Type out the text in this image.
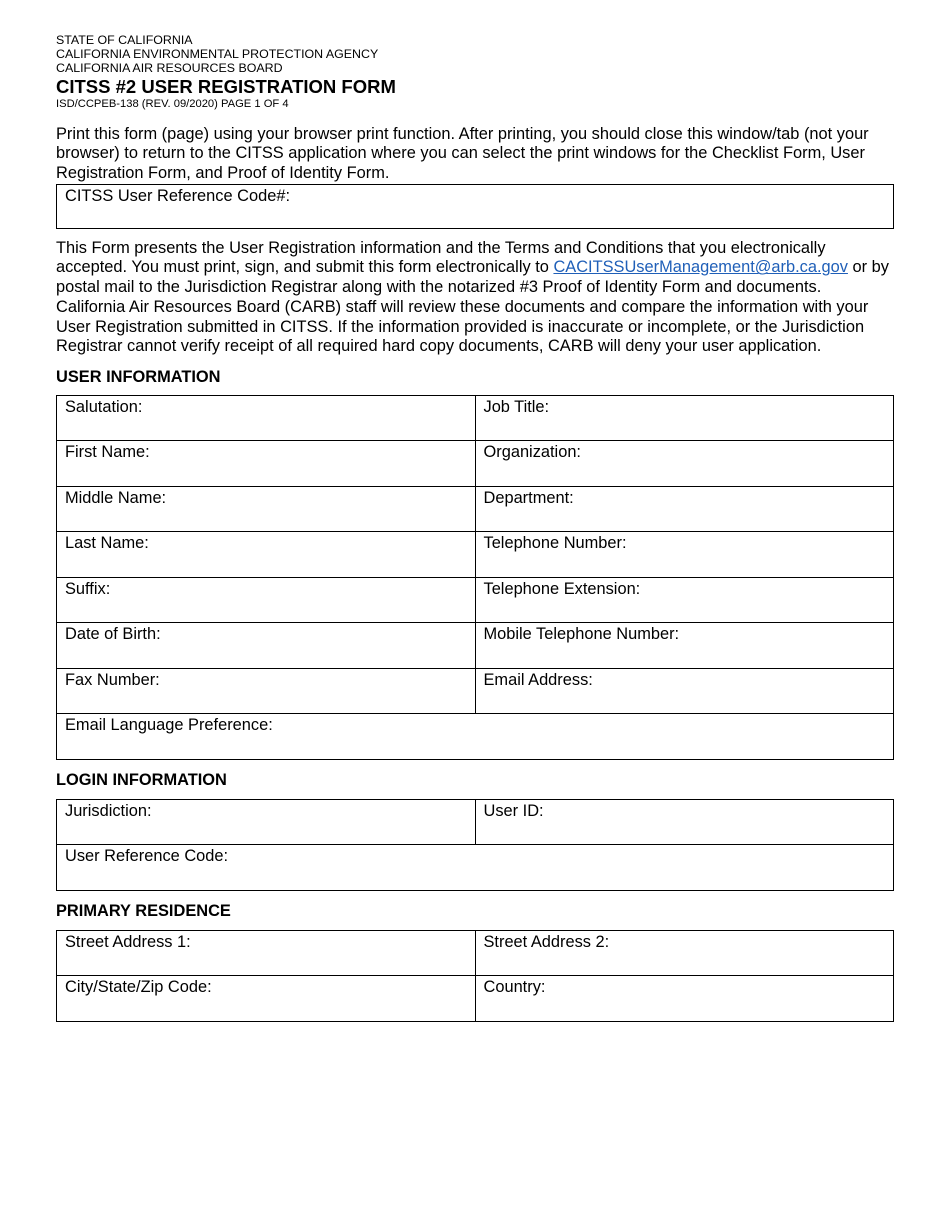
STATE OF CALIFORNIA
CALIFORNIA ENVIRONMENTAL PROTECTION AGENCY
CALIFORNIA AIR RESOURCES BOARD
CITSS #2 USER REGISTRATION FORM
ISD/CCPEB-138 (REV. 09/2020) PAGE 1 OF 4

Print this form (page) using your browser print function. After printing, you should close this window/tab (not your browser) to return to the CITSS application where you can select the print windows for the Checklist Form, User Registration Form, and Proof of Identity Form.

CITSS User Reference Code#:

This Form presents the User Registration information and the Terms and Conditions that you electronically accepted. You must print, sign, and submit this form electronically to CACITSSUserManagement@arb.ca.gov or by postal mail to the Jurisdiction Registrar along with the notarized #3 Proof of Identity Form and documents. California Air Resources Board (CARB) staff will review these documents and compare the information with your User Registration submitted in CITSS. If the information provided is inaccurate or incomplete, or the Jurisdiction Registrar cannot verify receipt of all required hard copy documents, CARB will deny your user application.

USER INFORMATION
Salutation:	Job Title:
First Name:	Organization:
Middle Name:	Department:
Last Name:	Telephone Number:
Suffix:	Telephone Extension:
Date of Birth:	Mobile Telephone Number:
Fax Number:	Email Address:
Email Language Preference:	
LOGIN INFORMATION
Jurisdiction:	User ID:
User Reference Code:
PRIMARY RESIDENCE
Street Address 1:	Street Address 2:
City/State/Zip Code:	Country:
